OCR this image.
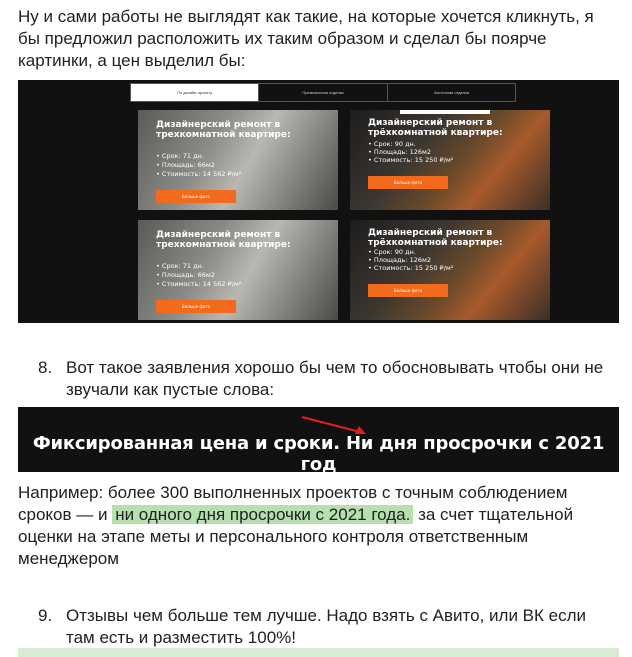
Ну и сами работы не выглядят как такие, на которые хочется кликнуть, я бы предложил расположить их таким образом и сделал бы поярче картинки, а цен выделил бы:

По дизайн-проекту	Премиальная отделка	Частичная отделка
Дизайнерский ремонт в трехкомнатной квартире:
• Срок: 71 дн.
• Площадь: 66м2
• Стоимость: 14 562 ₽/м²
Больше фото
Дизайнерский ремонт в трёхкомнатной квартире:
• Срок: 90 дн.
• Площадь: 126м2
• Стоимость: 15 250 ₽/м²
Больше фото
Дизайнерский ремонт в трехкомнатной квартире:
• Срок: 71 дн.
• Площадь: 66м2
• Стоимость: 14 562 ₽/м²
Больше фото
Дизайнерский ремонт в трёхкомнатной квартире:
• Срок: 90 дн.
• Площадь: 126м2
• Стоимость: 15 250 ₽/м²
Больше фото
8. Вот такое заявления хорошо бы чем то обосновывать чтобы они не звучали как пустые слова:
Фиксированная цена и сроки. Ни дня просрочки с 2021 год

Например: более 300 выполненных проектов с точным соблюдением сроков — и ни одного дня просрочки с 2021 года. за счет тщательной оценки на этапе меты и персонального контроля ответственным менеджером

9. Отзывы чем больше тем лучше. Надо взять с Авито, или ВК если там есть и разместить 100%!
